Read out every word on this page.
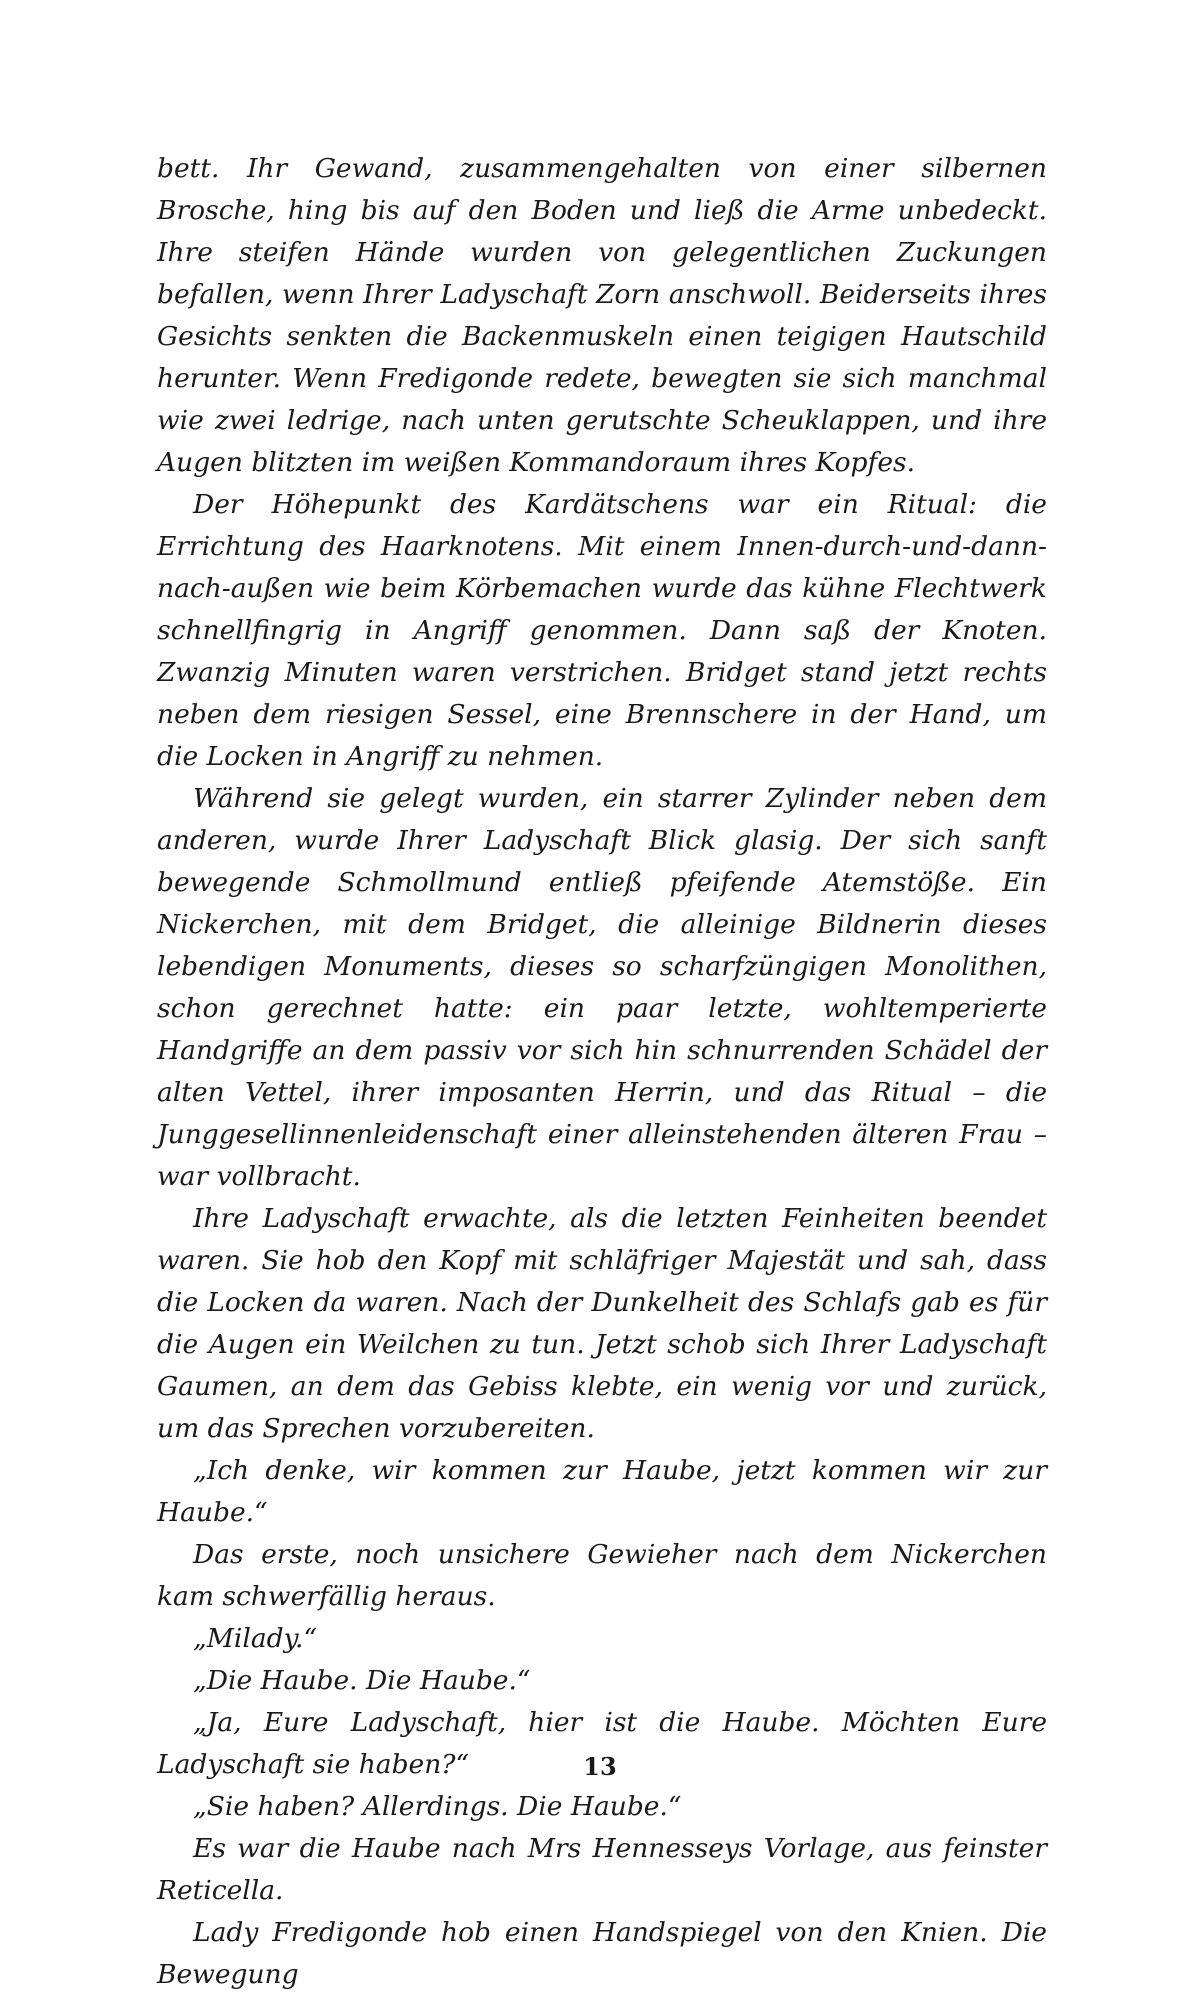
bett. Ihr Gewand, zusammengehalten von einer silbernen Brosche, hing bis auf den Boden und ließ die Arme unbedeckt. Ihre steifen Hände wurden von gelegentlichen Zuckungen befallen, wenn Ihrer Ladyschaft Zorn anschwoll. Beiderseits ihres Gesichts senkten die Backenmuskeln einen teigigen Hautschild herunter. Wenn Fredigonde redete, bewegten sie sich manchmal wie zwei ledrige, nach unten gerutschte Scheuklappen, und ihre Augen blitzten im weißen Kommandoraum ihres Kopfes.

Der Höhepunkt des Kardätschens war ein Ritual: die Errichtung des Haarknotens. Mit einem Innen-durch-und-dann-nach-außen wie beim Körbemachen wurde das kühne Flechtwerk schnellfingrig in Angriff genommen. Dann saß der Knoten. Zwanzig Minuten waren verstrichen. Bridget stand jetzt rechts neben dem riesigen Sessel, eine Brennschere in der Hand, um die Locken in Angriff zu nehmen.

Während sie gelegt wurden, ein starrer Zylinder neben dem anderen, wurde Ihrer Ladyschaft Blick glasig. Der sich sanft bewegende Schmollmund entließ pfeifende Atemstöße. Ein Nickerchen, mit dem Bridget, die alleinige Bildnerin dieses lebendigen Monuments, dieses so scharfzüngigen Monolithen, schon gerechnet hatte: ein paar letzte, wohltemperierte Handgriffe an dem passiv vor sich hin schnurrenden Schädel der alten Vettel, ihrer imposanten Herrin, und das Ritual – die Junggesellinnenleidenschaft einer alleinstehenden älteren Frau – war vollbracht.

Ihre Ladyschaft erwachte, als die letzten Feinheiten beendet waren. Sie hob den Kopf mit schläfriger Majestät und sah, dass die Locken da waren. Nach der Dunkelheit des Schlafs gab es für die Augen ein Weilchen zu tun. Jetzt schob sich Ihrer Ladyschaft Gaumen, an dem das Gebiss klebte, ein wenig vor und zurück, um das Sprechen vorzubereiten.

„Ich denke, wir kommen zur Haube, jetzt kommen wir zur Haube.“

Das erste, noch unsichere Gewieher nach dem Nickerchen kam schwerfällig heraus.

„Milady.“

„Die Haube. Die Haube.“

„Ja, Eure Ladyschaft, hier ist die Haube. Möchten Eure Ladyschaft sie haben?“

„Sie haben? Allerdings. Die Haube.“

Es war die Haube nach Mrs Hennesseys Vorlage, aus feinster Reticella.

Lady Fredigonde hob einen Handspiegel von den Knien. Die Bewegung

13
